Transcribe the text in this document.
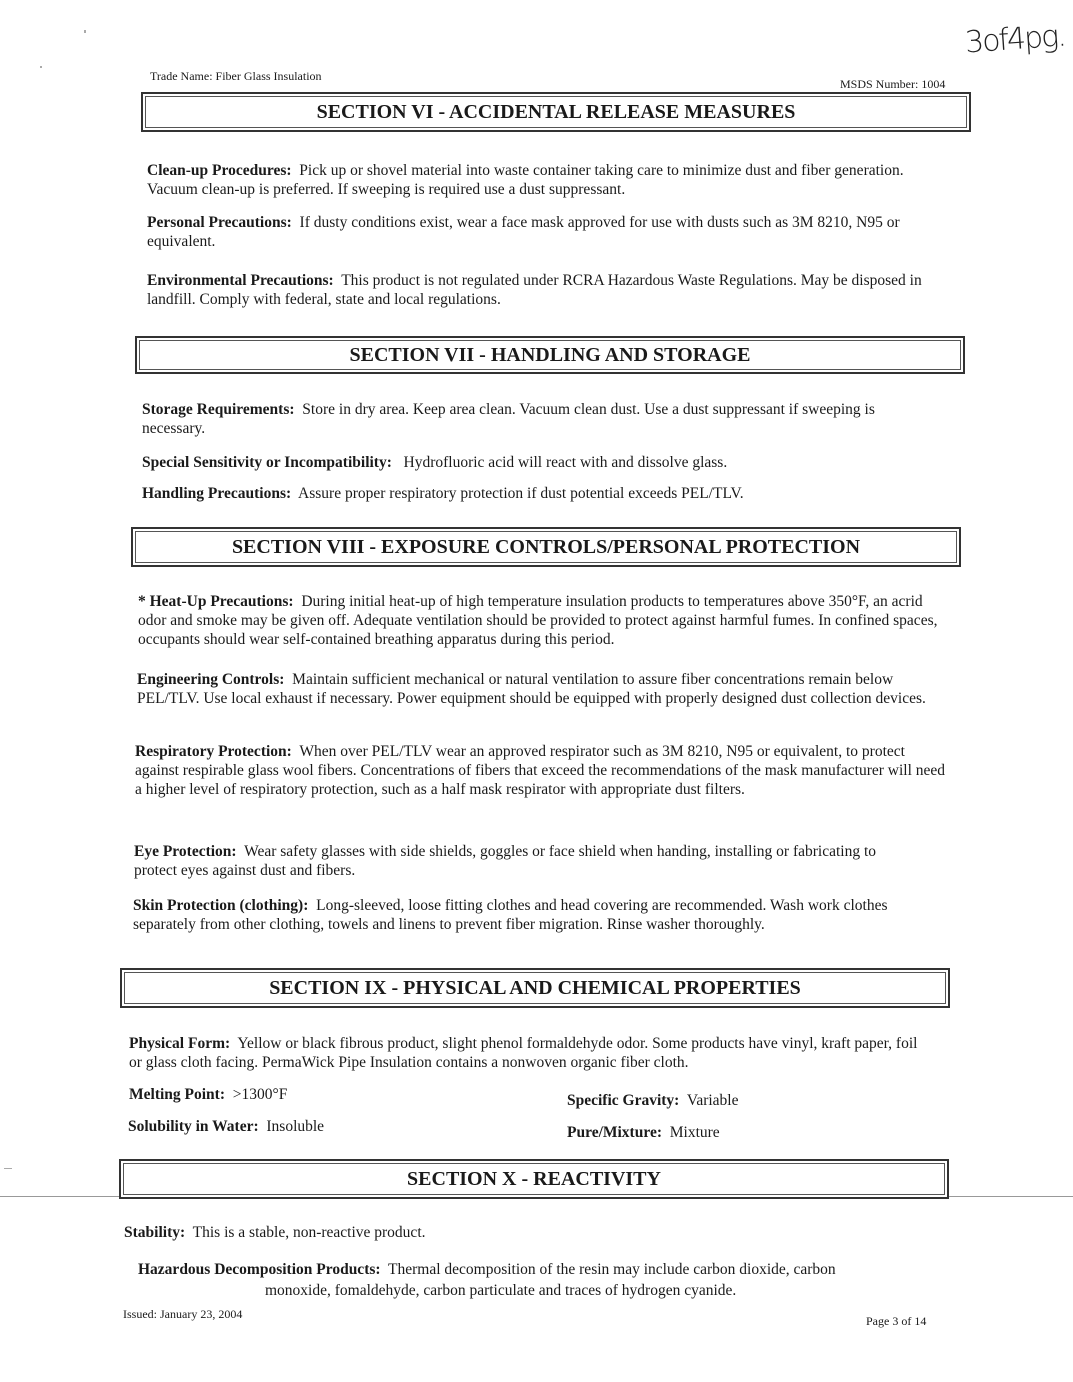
Trade Name: Fiber Glass Insulation
MSDS Number: 1004
3of4pg.
SECTION VI - ACCIDENTAL RELEASE MEASURES
Clean-up Procedures: Pick up or shovel material into waste container taking care to minimize dust and fiber generation. Vacuum clean-up is preferred. If sweeping is required use a dust suppressant.
Personal Precautions: If dusty conditions exist, wear a face mask approved for use with dusts such as 3M 8210, N95 or equivalent.
Environmental Precautions: This product is not regulated under RCRA Hazardous Waste Regulations. May be disposed in landfill. Comply with federal, state and local regulations.
SECTION VII - HANDLING AND STORAGE
Storage Requirements: Store in dry area. Keep area clean. Vacuum clean dust. Use a dust suppressant if sweeping is necessary.
Special Sensitivity or Incompatibility: Hydrofluoric acid will react with and dissolve glass.
Handling Precautions: Assure proper respiratory protection if dust potential exceeds PEL/TLV.
SECTION VIII - EXPOSURE CONTROLS/PERSONAL PROTECTION
* Heat-Up Precautions: During initial heat-up of high temperature insulation products to temperatures above 350°F, an acrid odor and smoke may be given off. Adequate ventilation should be provided to protect against harmful fumes. In confined spaces, occupants should wear self-contained breathing apparatus during this period.
Engineering Controls: Maintain sufficient mechanical or natural ventilation to assure fiber concentrations remain below PEL/TLV. Use local exhaust if necessary. Power equipment should be equipped with properly designed dust collection devices.
Respiratory Protection: When over PEL/TLV wear an approved respirator such as 3M 8210, N95 or equivalent, to protect against respirable glass wool fibers. Concentrations of fibers that exceed the recommendations of the mask manufacturer will need a higher level of respiratory protection, such as a half mask respirator with appropriate dust filters.
Eye Protection: Wear safety glasses with side shields, goggles or face shield when handing, installing or fabricating to protect eyes against dust and fibers.
Skin Protection (clothing): Long-sleeved, loose fitting clothes and head covering are recommended. Wash work clothes separately from other clothing, towels and linens to prevent fiber migration. Rinse washer thoroughly.
SECTION IX - PHYSICAL AND CHEMICAL PROPERTIES
Physical Form: Yellow or black fibrous product, slight phenol formaldehyde odor. Some products have vinyl, kraft paper, foil or glass cloth facing. PermaWick Pipe Insulation contains a nonwoven organic fiber cloth.
Melting Point: >1300°F	Specific Gravity: Variable
Solubility in Water: Insoluble	Pure/Mixture: Mixture
SECTION X - REACTIVITY
Stability: This is a stable, non-reactive product.
Hazardous Decomposition Products: Thermal decomposition of the resin may include carbon dioxide, carbon
monoxide, fomaldehyde, carbon particulate and traces of hydrogen cyanide.
Issued: January 23, 2004	Page 3 of 14
